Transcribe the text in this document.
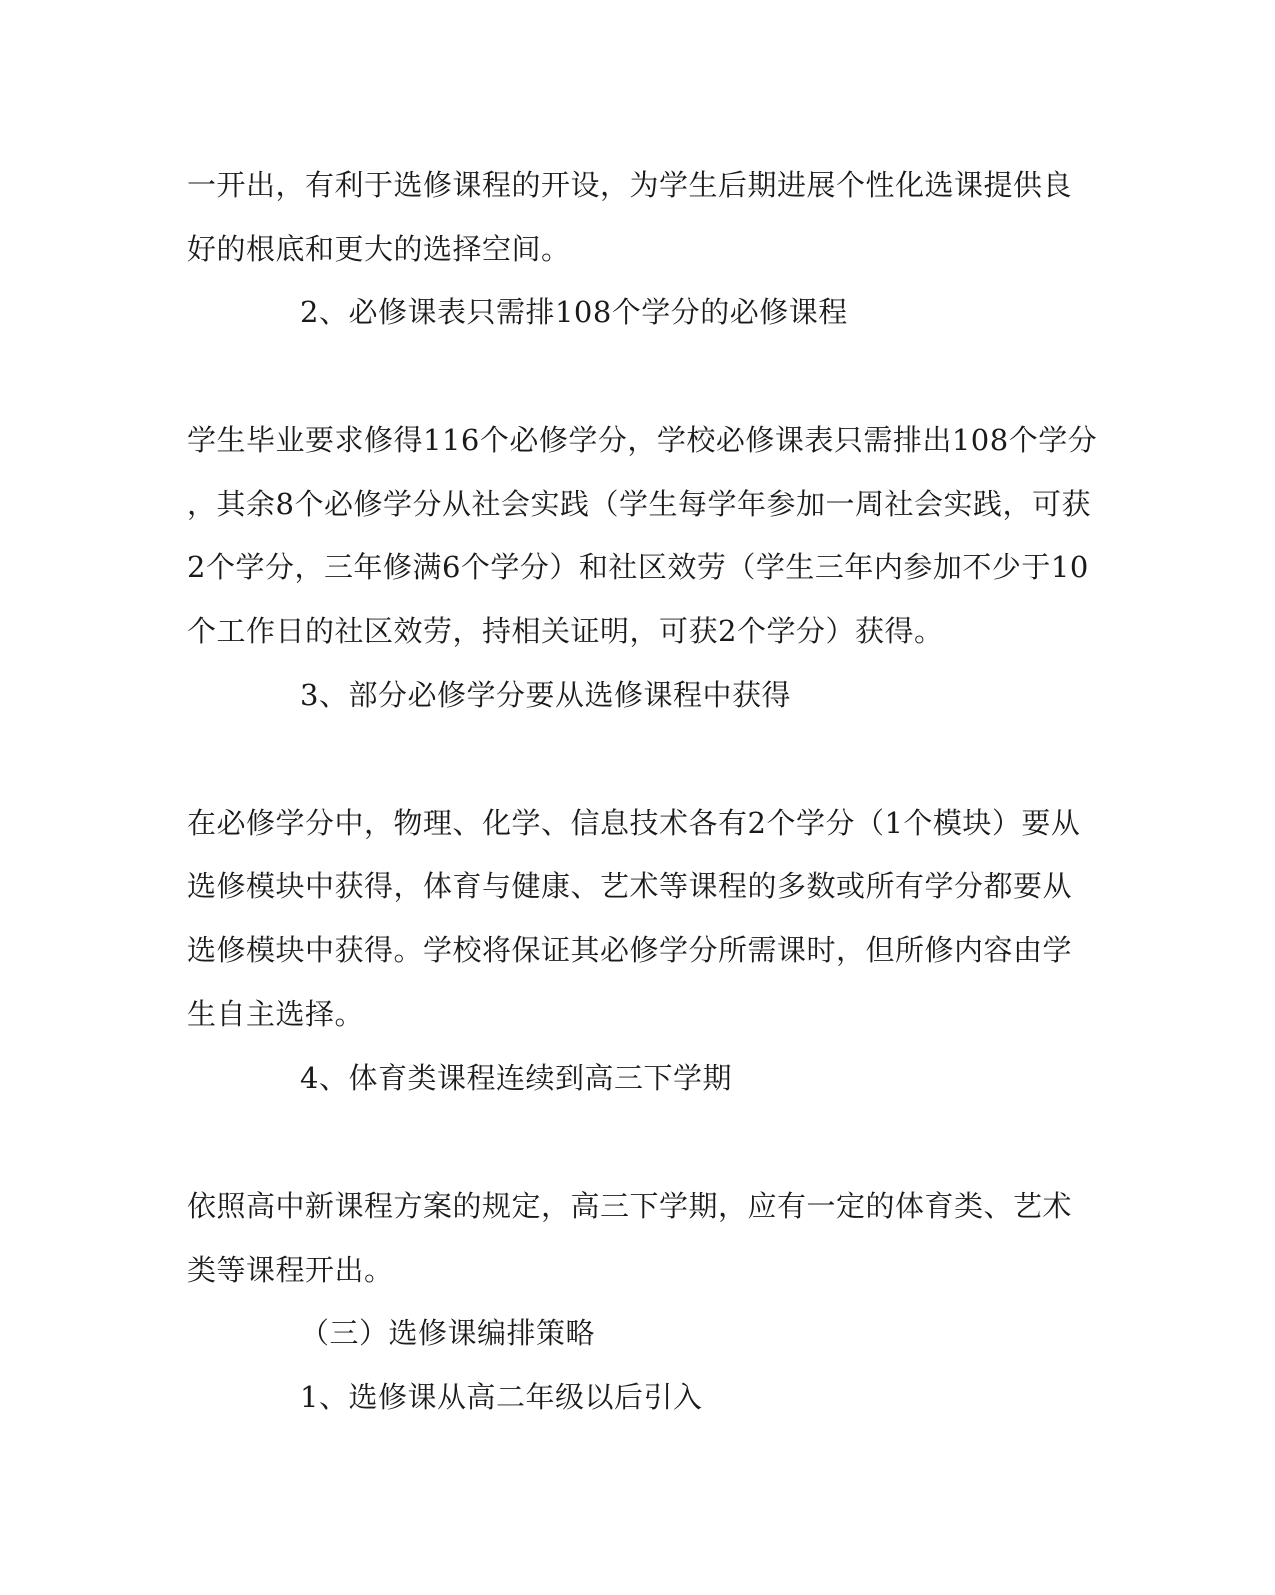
一开出，有利于选修课程的开设，为学生后期进展个性化选课提供良
好的根底和更大的选择空间。
2、必修课表只需排108个学分的必修课程
学生毕业要求修得116个必修学分，学校必修课表只需排出108个学分
，其余8个必修学分从社会实践（学生每学年参加一周社会实践，可获
2个学分，三年修满6个学分）和社区效劳（学生三年内参加不少于10
个工作日的社区效劳，持相关证明，可获2个学分）获得。
3、部分必修学分要从选修课程中获得
在必修学分中，物理、化学、信息技术各有2个学分（1个模块）要从
选修模块中获得，体育与健康、艺术等课程的多数或所有学分都要从
选修模块中获得。学校将保证其必修学分所需课时，但所修内容由学
生自主选择。
4、体育类课程连续到高三下学期
依照高中新课程方案的规定，高三下学期，应有一定的体育类、艺术
类等课程开出。
（三）选修课编排策略
1、选修课从高二年级以后引入
